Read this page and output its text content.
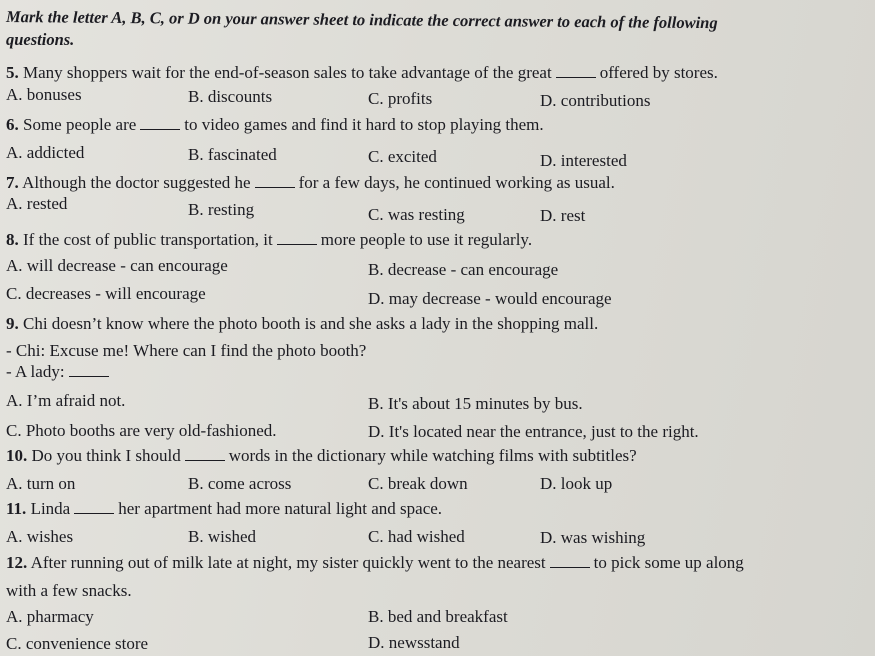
Mark the letter A, B, C, or D on your answer sheet to indicate the correct answer to each of the following
questions.
5. Many shoppers wait for the end-of-season sales to take advantage of the great	offered by stores.
A. bonuses	B. discounts	C. profits	D. contributions
6. Some people are	to video games and find it hard to stop playing them.
A. addicted	B. fascinated	C. excited	D. interested
7. Although the doctor suggested he	for a few days, he continued working as usual.
A. rested	B. resting	C. was resting	D. rest
8. If the cost of public transportation, it	more people to use it regularly.
A. will decrease - can encourage	B. decrease - can encourage
C. decreases - will encourage	D. may decrease - would encourage
9. Chi doesn’t know where the photo booth is and she asks a lady in the shopping mall.
- Chi: Excuse me! Where can I find the photo booth?
- A lady:
A. I’m afraid not.	B. It's about 15 minutes by bus.
C. Photo booths are very old-fashioned.	D. It's located near the entrance, just to the right.
10. Do you think I should	words in the dictionary while watching films with subtitles?
A. turn on	B. come across	C. break down	D. look up
11. Linda	her apartment had more natural light and space.
A. wishes	B. wished	C. had wished	D. was wishing
12. After running out of milk late at night, my sister quickly went to the nearest	to pick some up along
with a few snacks.
A. pharmacy	B. bed and breakfast
C. convenience store	D. newsstand
